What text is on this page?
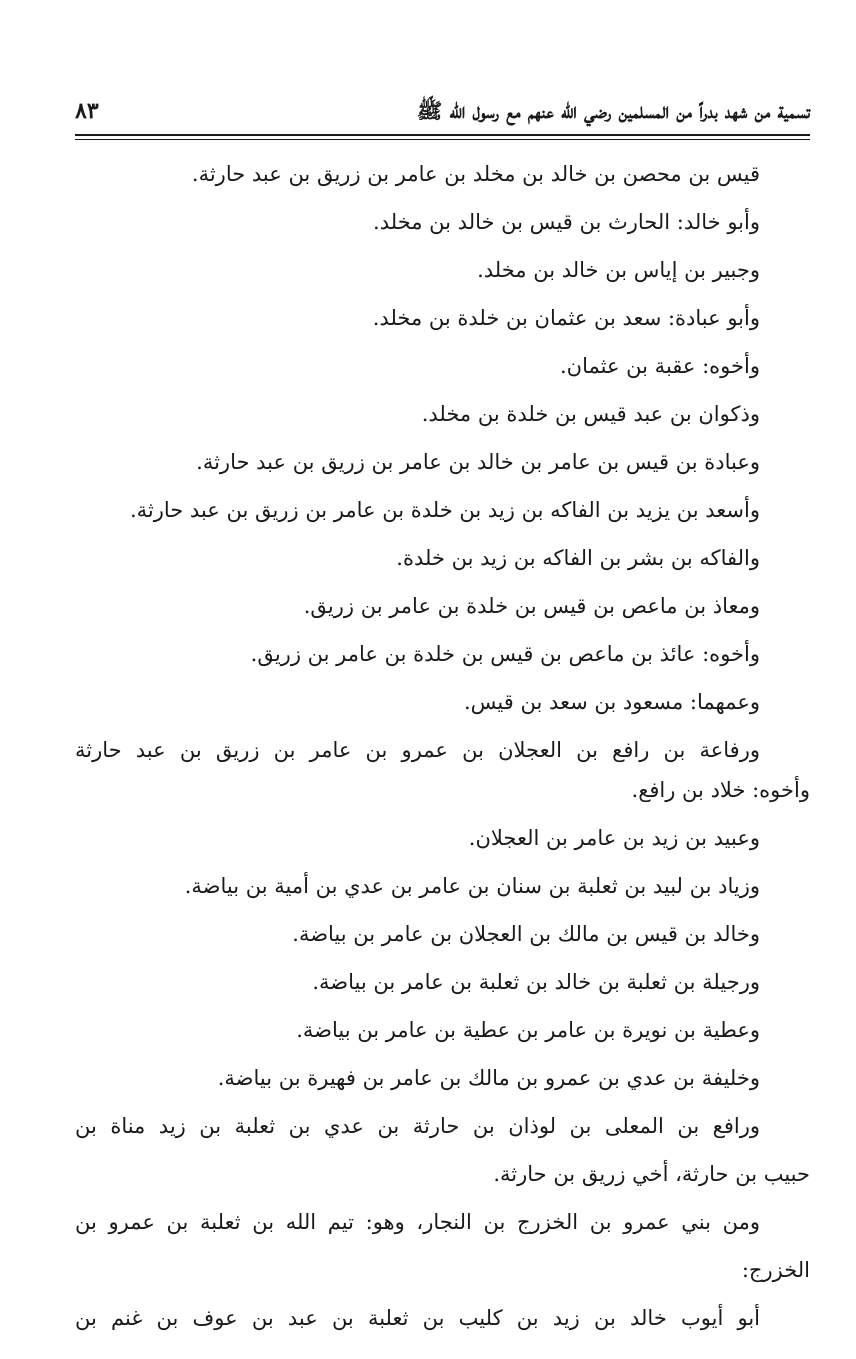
تسمية من شهد بدراً من المسلمين رضي الله عنهم مع رسول الله ﷺ
٨٣
قيس بن محصن بن خالد بن مخلد بن عامر بن زريق بن عبد حارثة.
وأبو خالد: الحارث بن قيس بن خالد بن مخلد.
وجبير بن إياس بن خالد بن مخلد.
وأبو عبادة: سعد بن عثمان بن خلدة بن مخلد.
وأخوه: عقبة بن عثمان.
وذكوان بن عبد قيس بن خلدة بن مخلد.
وعبادة بن قيس بن عامر بن خالد بن عامر بن زريق بن عبد حارثة.
وأسعد بن يزيد بن الفاكه بن زيد بن خلدة بن عامر بن زريق بن عبد حارثة.
والفاكه بن بشر بن الفاكه بن زيد بن خلدة.
ومعاذ بن ماعص بن قيس بن خلدة بن عامر بن زريق.
وأخوه: عائذ بن ماعص بن قيس بن خلدة بن عامر بن زريق.
وعمهما: مسعود بن سعد بن قيس.
ورفاعة بن رافع بن العجلان بن عمرو بن عامر بن زريق بن عبد حارثة
وأخوه: خلاد بن رافع.
وعبيد بن زيد بن عامر بن العجلان.
وزياد بن لبيد بن ثعلبة بن سنان بن عامر بن عدي بن أمية بن بياضة.
وخالد بن قيس بن مالك بن العجلان بن عامر بن بياضة.
ورجيلة بن ثعلبة بن خالد بن ثعلبة بن عامر بن بياضة.
وعطية بن نويرة بن عامر بن عطية بن عامر بن بياضة.
وخليفة بن عدي بن عمرو بن مالك بن عامر بن فهيرة بن بياضة.
ورافع بن المعلى بن لوذان بن حارثة بن عدي بن ثعلبة بن زيد مناة بن
حبيب بن حارثة، أخي زريق بن حارثة.
ومن بني عمرو بن الخزرج بن النجار، وهو: تيم الله بن ثعلبة بن عمرو بن
الخزرج:
أبو أيوب خالد بن زيد بن كليب بن ثعلبة بن عبد بن عوف بن غنم بن
